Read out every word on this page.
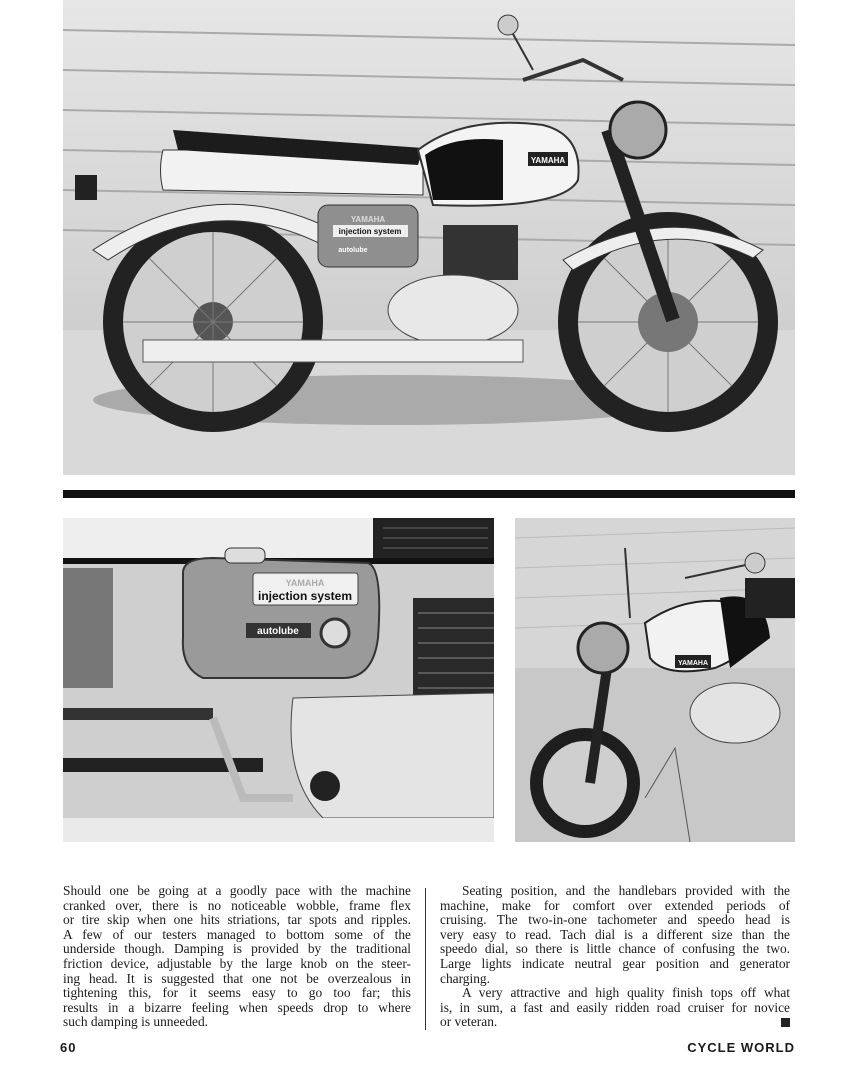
YAMAHA
YAMAHA
injection system
autolube
YAMAHA
injection system
autolube
YAMAHA
Should one be going at a goodly pace with the machine
cranked over, there is no noticeable wobble, frame flex
or tire skip when one hits striations, tar spots and ripples.
A few of our testers managed to bottom some of the
underside though. Damping is provided by the traditional
friction device, adjustable by the large knob on the steer-
ing head. It is suggested that one not be overzealous in
tightening this, for it seems easy to go too far; this
results in a bizarre feeling when speeds drop to where
such damping is unneeded.
Seating position, and the handlebars provided with the
machine, make for comfort over extended periods of
cruising. The two-in-one tachometer and speedo head is
very easy to read. Tach dial is a different size than the
speedo dial, so there is little chance of confusing the two.
Large lights indicate neutral gear position and generator
charging.
A very attractive and high quality finish tops off what
is, in sum, a fast and easily ridden road cruiser for novice
or veteran.
60	CYCLE WORLD
